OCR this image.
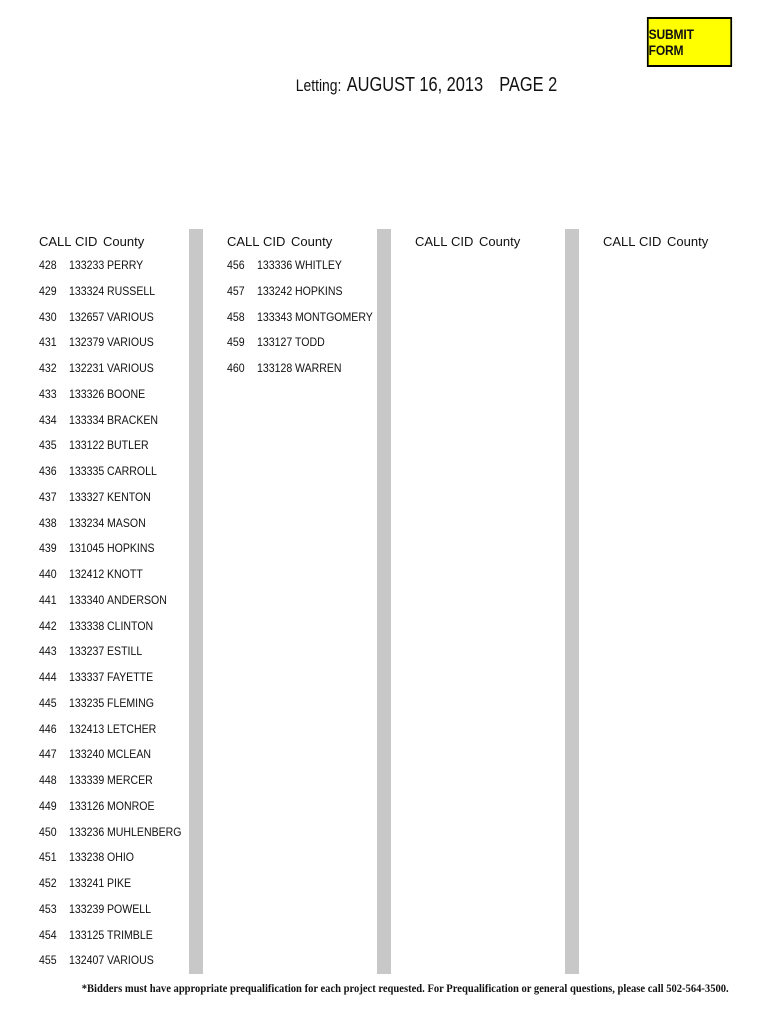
SUBMIT FORM
Letting: AUGUST 16, 2013 PAGE 2
CALL CID County
428 133233 PERRY
429 133324 RUSSELL
430 132657 VARIOUS
431 132379 VARIOUS
432 132231 VARIOUS
433 133326 BOONE
434 133334 BRACKEN
435 133122 BUTLER
436 133335 CARROLL
437 133327 KENTON
438 133234 MASON
439 131045 HOPKINS
440 132412 KNOTT
441 133340 ANDERSON
442 133338 CLINTON
443 133237 ESTILL
444 133337 FAYETTE
445 133235 FLEMING
446 132413 LETCHER
447 133240 MCLEAN
448 133339 MERCER
449 133126 MONROE
450 133236 MUHLENBERG
451 133238 OHIO
452 133241 PIKE
453 133239 POWELL
454 133125 TRIMBLE
455 132407 VARIOUS
CALL CID County
456 133336 WHITLEY
457 133242 HOPKINS
458 133343 MONTGOMERY
459 133127 TODD
460 133128 WARREN
CALL CID County	CALL CID County
*Bidders must have appropriate prequalification for each project requested. For Prequalification or general questions, please call 502-564-3500.
